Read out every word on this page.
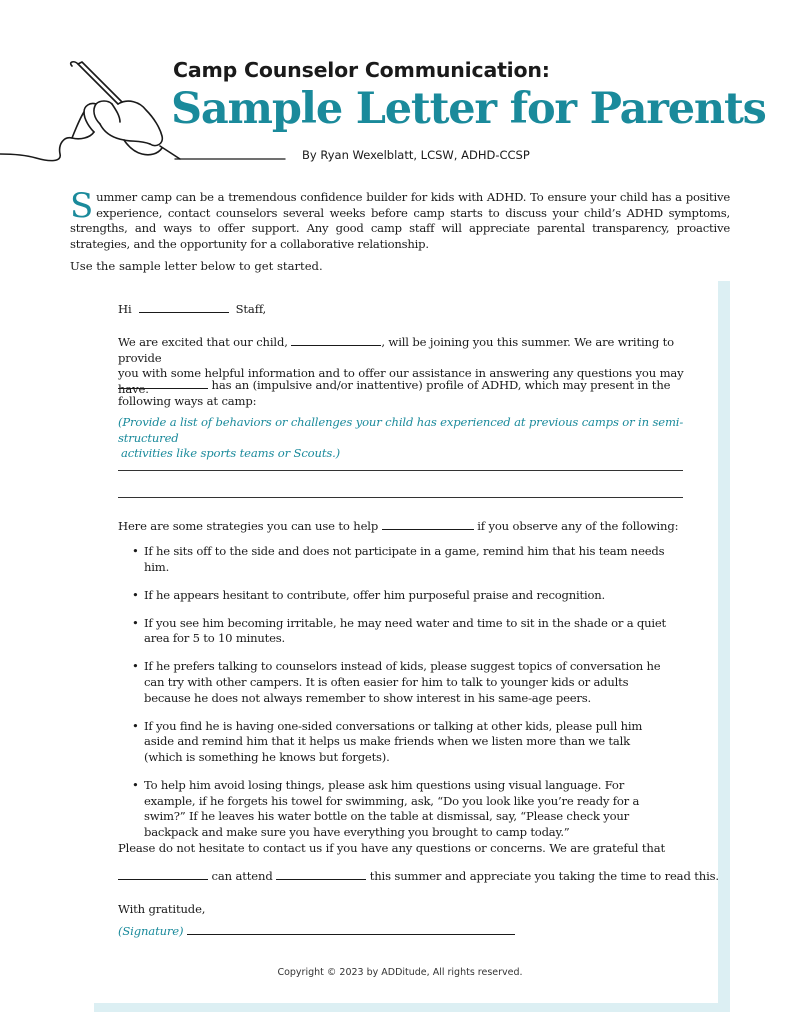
Camp Counselor Communication:
Sample Letter for Parents
By Ryan Wexelblatt, LCSW, ADHD-CCSP
Summer camp can be a tremendous confidence builder for kids with ADHD. To ensure your child has a positive experience, contact counselors several weeks before camp starts to discuss your child’s ADHD symptoms, strengths, and ways to offer support. Any good camp staff will appreciate parental transparency, proactive strategies, and the opportunity for a collaborative relationship.
Use the sample letter below to get started.
Hi	Staff,
We are excited that our child,	, will be joining you this summer. We are writing to provide
you with some helpful information and to offer our assistance in answering any questions you may have.	has an (impulsive and/or inattentive) profile of ADHD, which may present in the
following ways at camp:
(Provide a list of behaviors or challenges your child has experienced at previous camps or in semi-structured
activities like sports teams or Scouts.)
Here are some strategies you can use to help	if you observe any of the following:
• If he sits off to the side and does not participate in a game, remind him that his team needs him.
• If he appears hesitant to contribute, offer him purposeful praise and recognition.
• If you see him becoming irritable, he may need water and time to sit in the shade or a quiet area for 5 to 10 minutes.
• If he prefers talking to counselors instead of kids, please suggest topics of conversation he can try with other campers. It is often easier for him to talk to younger kids or adults because he does not always remember to show interest in his same-age peers.
• If you find he is having one-sided conversations or talking at other kids, please pull him aside and remind him that it helps us make friends when we listen more than we talk (which is something he knows but forgets).
• To help him avoid losing things, please ask him questions using visual language. For example, if he forgets his towel for swimming, ask, “Do you look like you’re ready for a swim?” If he leaves his water bottle on the table at dismissal, say, “Please check your backpack and make sure you have everything you brought to camp today.”
Please do not hesitate to contact us if you have any questions or concerns. We are grateful that
can attend	this summer and appreciate you taking the time to read this.
With gratitude,
(Signature)
Copyright © 2023 by ADDitude, All rights reserved.
